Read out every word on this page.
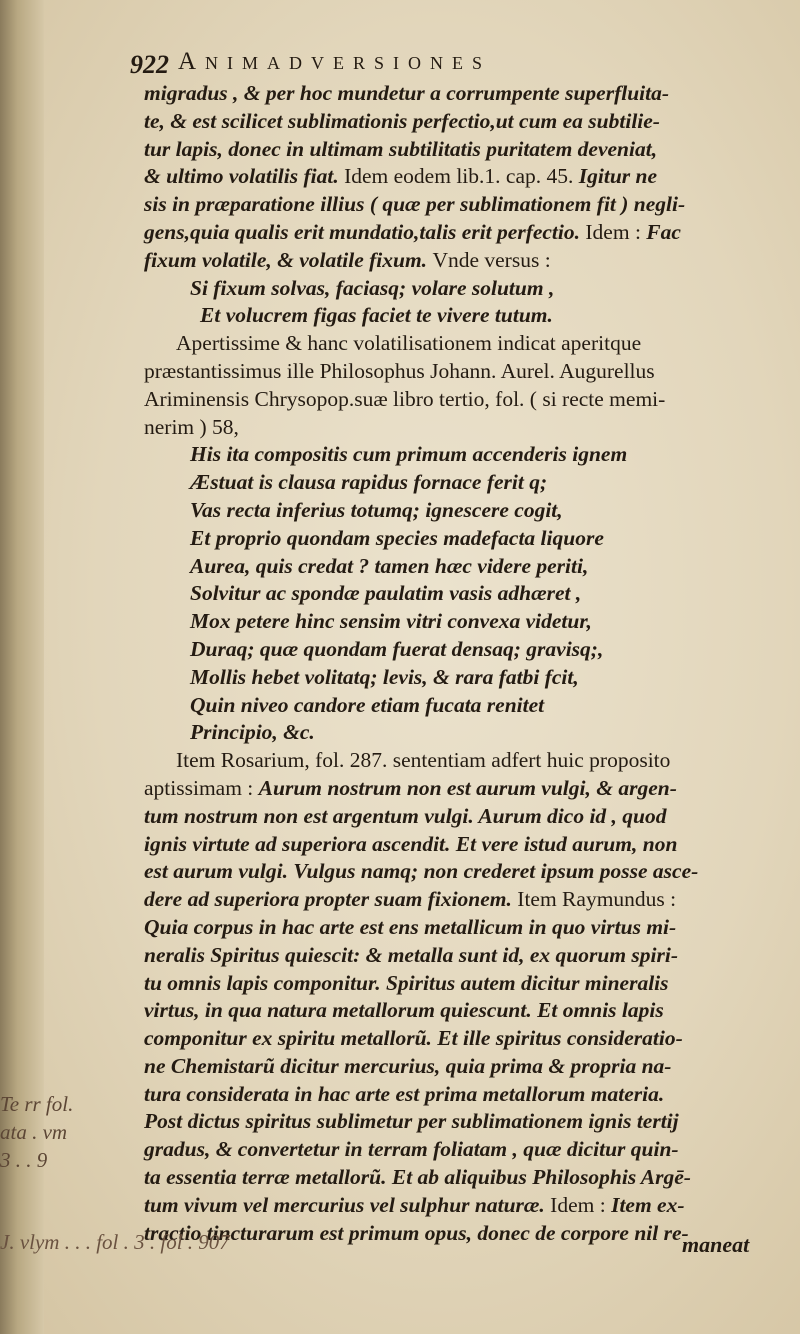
922 Animadversiones
migradus , & per hoc mundetur a corrumpente superfluita-
te, & est scilicet sublimationis perfectio,ut cum ea subtilie-
tur lapis, donec in ultimam subtilitatis puritatem deveniat,
& ultimo volatilis fiat. Idem eodem lib.1. cap. 45. Igitur ne
sis in præparatione illius ( quæ per sublimationem fit ) negli-
gens,quia qualis erit mundatio,talis erit perfectio. Idem : Fac
fixum volatile, & volatile fixum. Vnde versus :
Si fixum solvas, faciasq; volare solutum ,
Et volucrem figas faciet te vivere tutum.
Apertissime & hanc volatilisationem indicat aperitque
præstantissimus ille Philosophus Johann. Aurel. Augurellus
Ariminensis Chrysopop.suæ libro tertio, fol. ( si recte memi-
nerim ) 58,
His ita compositis cum primum accenderis ignem
Æstuat is clausa rapidus fornace ferit q;
Vas recta inferius totumq; ignescere cogit,
Et proprio quondam species madefacta liquore
Aurea, quis credat ? tamen hæc videre periti,
Solvitur ac spondæ paulatim vasis adhæret ,
Mox petere hinc sensim vitri convexa videtur,
Duraq; quæ quondam fuerat densaq; gravisq;,
Mollis hebet volitatq; levis, & rara fatbi fcit,
Quin niveo candore etiam fucata renitet
Principio, &c.
Item Rosarium, fol. 287. sententiam adfert huic proposito
aptissimam : Aurum nostrum non est aurum vulgi, & argen-
tum nostrum non est argentum vulgi. Aurum dico id , quod
ignis virtute ad superiora ascendit. Et vere istud aurum, non
est aurum vulgi. Vulgus namq; non crederet ipsum posse asce-
dere ad superiora propter suam fixionem. Item Raymundus :
Quia corpus in hac arte est ens metallicum in quo virtus mi-
neralis Spiritus quiescit: & metalla sunt id, ex quorum spiri-
tu omnis lapis componitur. Spiritus autem dicitur mineralis
virtus, in qua natura metallorum quiescunt. Et omnis lapis
componitur ex spiritu metallorũ. Et ille spiritus consideratio-
ne Chemistarũ dicitur mercurius, quia prima & propria na-
tura considerata in hac arte est prima metallorum materia.
Post dictus spiritus sublimetur per sublimationem ignis tertij
gradus, & convertetur in terram foliatam , quæ dicitur quin-
ta essentia terræ metallorũ. Et ab aliquibus Philosophis Argē-
tum vivum vel mercurius vel sulphur naturæ. Idem : Item ex-
tractio tincturarum est primum opus, donec de corpore nil re-
Te rr fol.
ata . vm
3 . . 9
J. vlym . . . fol . 3 . fol . 907	maneat
